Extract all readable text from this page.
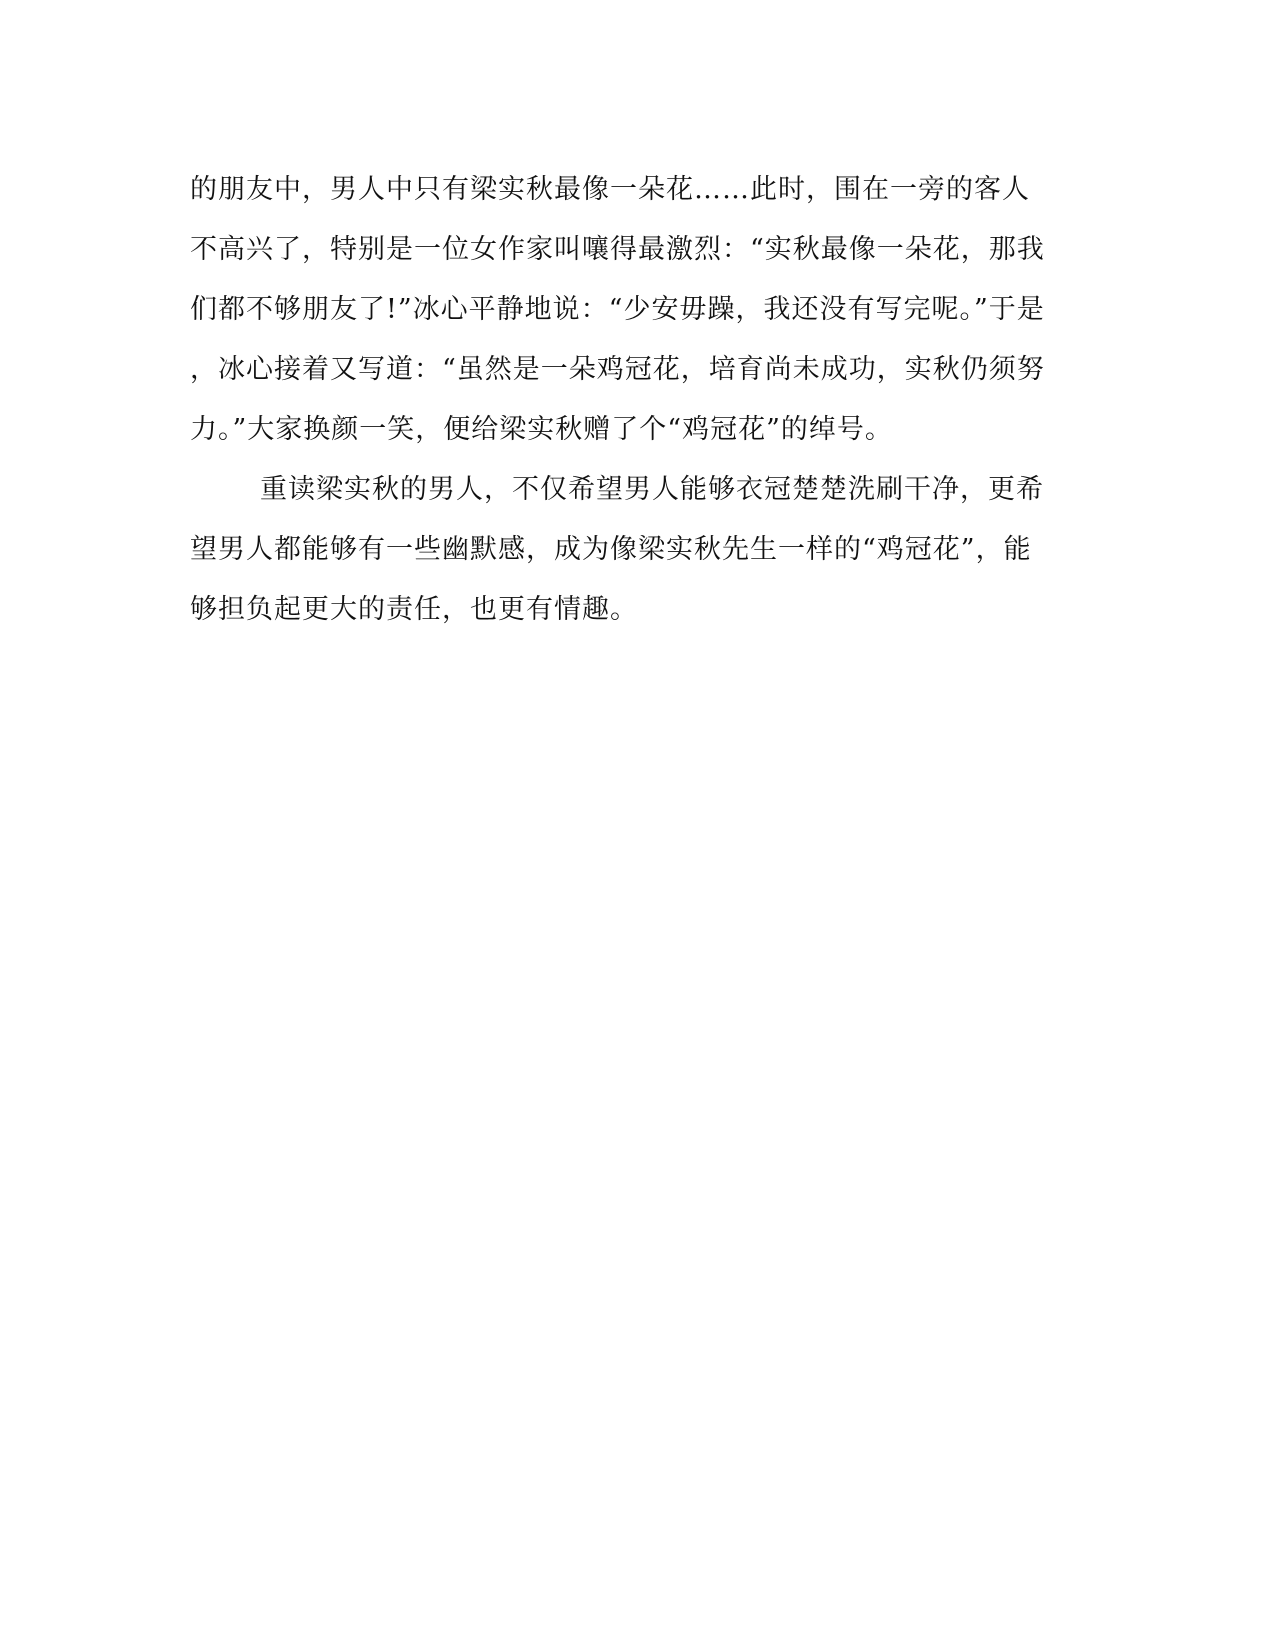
的朋友中，男人中只有梁实秋最像一朵花……此时，围在一旁的客人
不高兴了，特别是一位女作家叫嚷得最激烈：“实秋最像一朵花，那我
们都不够朋友了!”冰心平静地说：“少安毋躁，我还没有写完呢。”于是
，冰心接着又写道：“虽然是一朵鸡冠花，培育尚未成功，实秋仍须努
力。”大家换颜一笑，便给梁实秋赠了个“鸡冠花”的绰号。
重读梁实秋的男人，不仅希望男人能够衣冠楚楚洗刷干净，更希
望男人都能够有一些幽默感，成为像梁实秋先生一样的“鸡冠花”，能
够担负起更大的责任，也更有情趣。
